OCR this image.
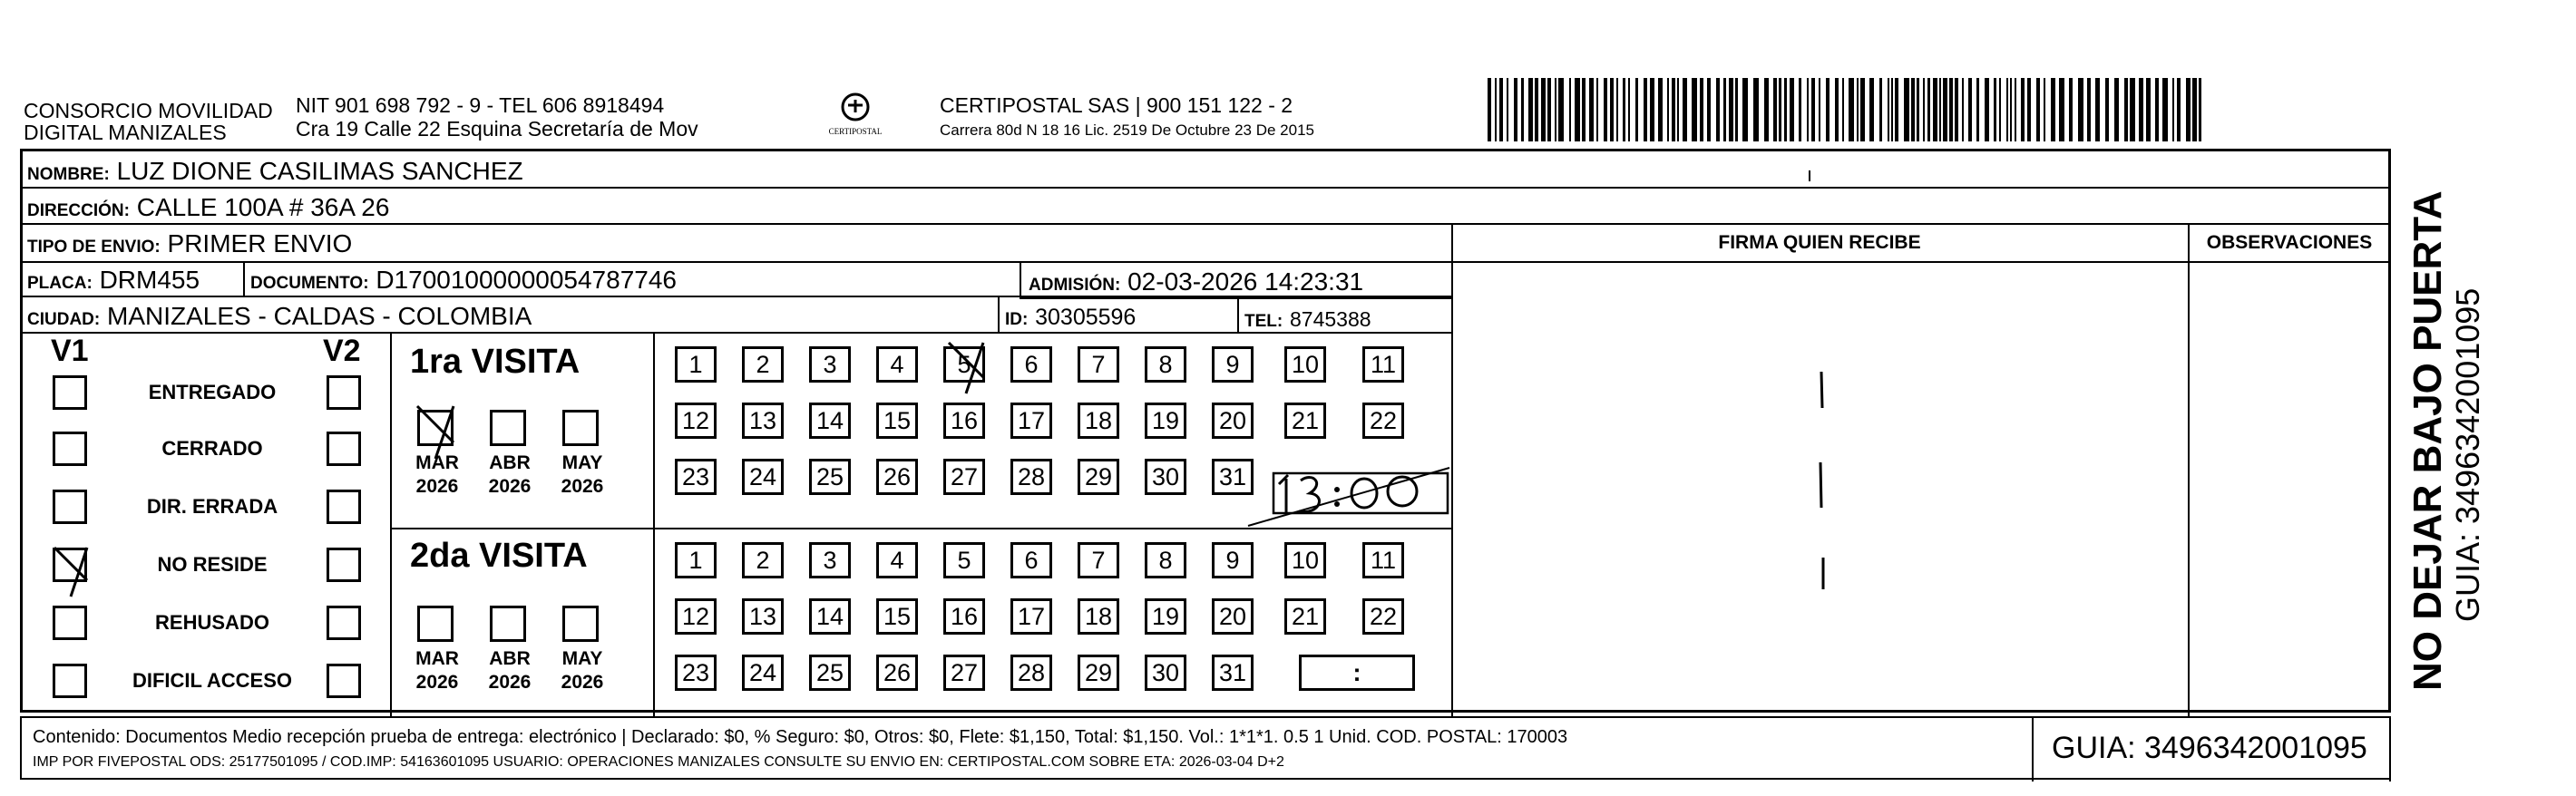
CONSORCIO MOVILIDAD
DIGITAL MANIZALES
NIT 901 698 792 - 9 - TEL 606 8918494
Cra 19 Calle 22 Esquina Secretaría de Mov	CERTIPOSTAL
CERTIPOSTAL SAS | 900 151 122 - 2
Carrera 80d N 18 16 Lic. 2519 De Octubre 23 De 2015
NOMBRE: LUZ DIONE CASILIMAS SANCHEZ
DIRECCIÓN: CALLE 100A # 36A 26
TIPO DE ENVIO: PRIMER ENVIO
PLACA: DRM455	DOCUMENTO: D17001000000054787746	ADMISIÓN: 02-03-2026 14:23:31
CIUDAD: MANIZALES - CALDAS - COLOMBIA	ID: 30305596	TEL: 8745388
FIRMA QUIEN RECIBE	OBSERVACIONES
V1	V2
ENTREGADO
CERRADO
DIR. ERRADA
NO RESIDE
REHUSADO
DIFICIL ACCESO
1ra VISITA
MAR
2026
ABR
2026
MAY
2026
1	2	3	4	5	6	7	8	9	10	11
12 13 14 15 16 17 18 19 20 21 22
23 24 25 26 27 28 29 30 31
2da VISITA
MAR
2026
ABR
2026
MAY
2026
1	2	3	4	5	6	7	8	9	10	11
12 13 14 15 16 17 18 19 20 21 22
23 24 25 26 27 28 29 30 31	:
Contenido: Documentos Medio recepción prueba de entrega: electrónico | Declarado: $0, % Seguro: $0, Otros: $0, Flete: $1,150, Total: $1,150. Vol.: 1*1*1. 0.5 1 Unid. COD. POSTAL: 170003
IMP POR FIVEPOSTAL ODS: 25177501095 / COD.IMP: 54163601095 USUARIO: OPERACIONES MANIZALES CONSULTE SU ENVIO EN: CERTIPOSTAL.COM SOBRE ETA: 2026-03-04 D+2	GUIA: 3496342001095
NO DEJAR BAJO PUERTA GUIA: 3496342001095
